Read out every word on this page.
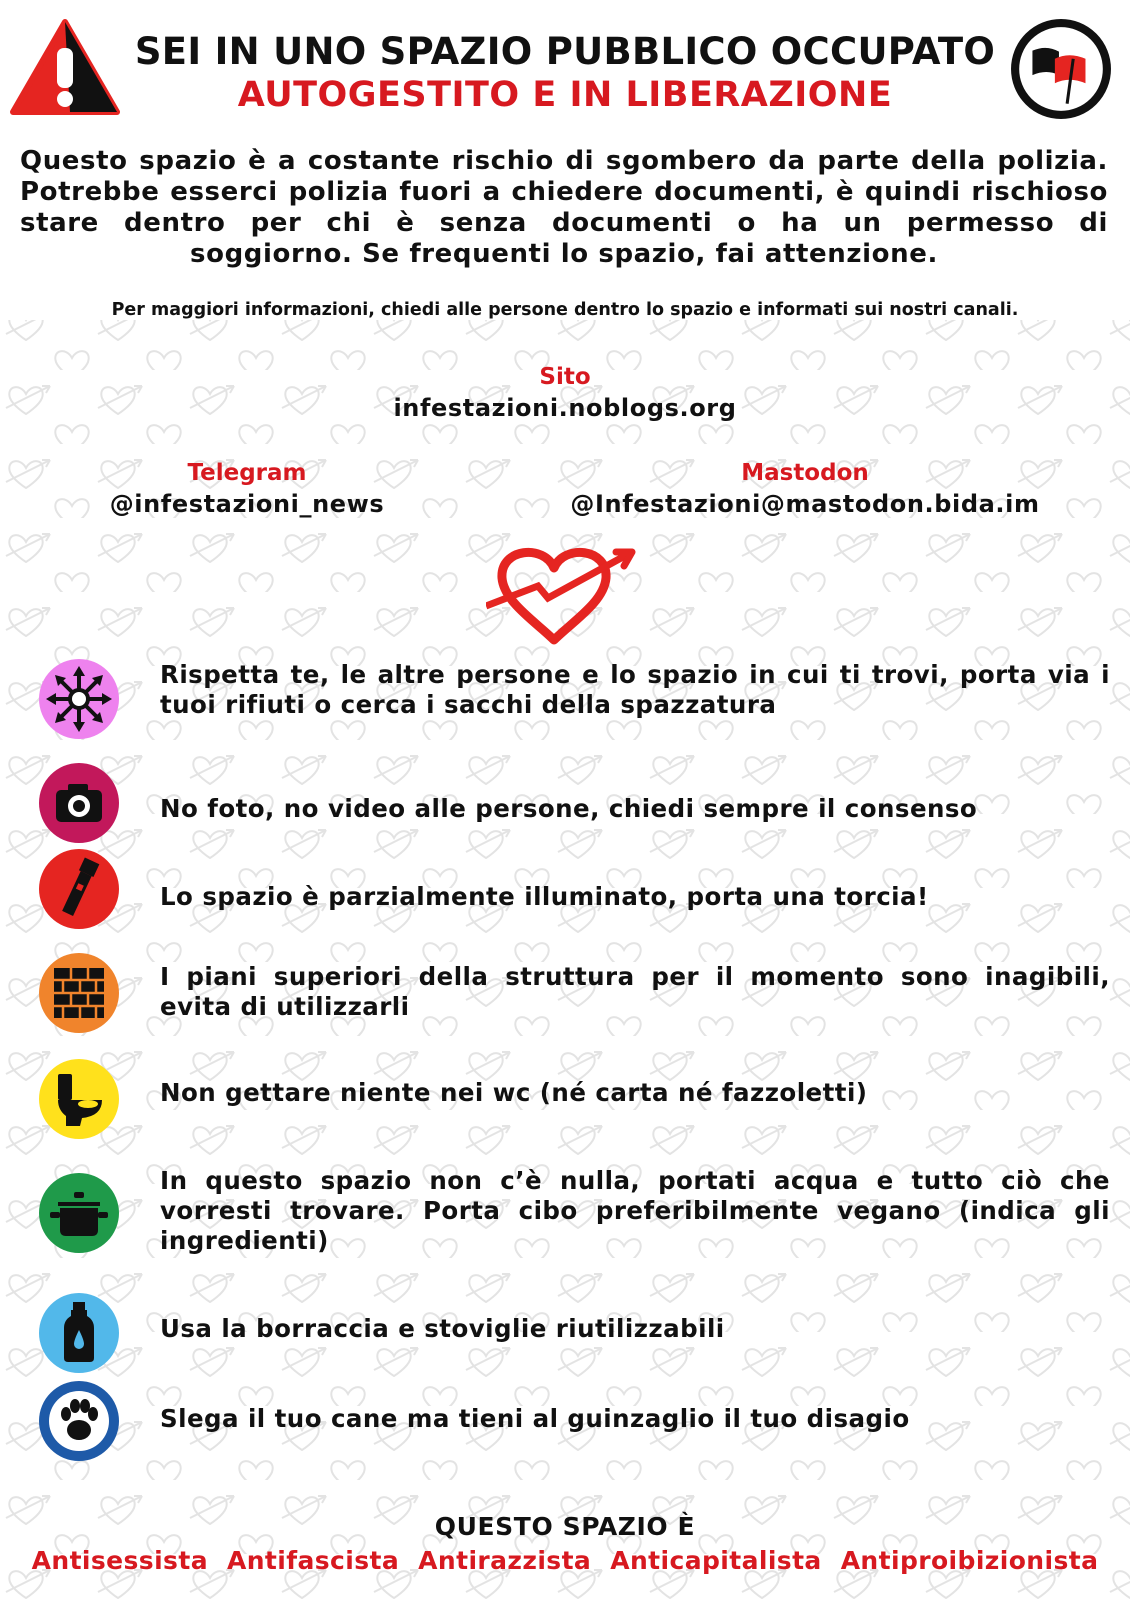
SEI IN UNO SPAZIO PUBBLICO OCCUPATO
AUTOGESTITO E IN LIBERAZIONE
Questo spazio è a costante rischio di sgombero da parte della polizia. Potrebbe esserci polizia fuori a chiedere documenti, è quindi rischioso stare dentro per chi è senza documenti o ha un permesso di soggiorno. Se frequenti lo spazio, fai attenzione.
Per maggiori informazioni, chiedi alle persone dentro lo spazio e informati sui nostri canali.
Sito
infestazioni.noblogs.org
Telegram
@infestazioni_news
Mastodon
@Infestazioni@mastodon.bida.im
Rispetta te, le altre persone e lo spazio in cui ti trovi, porta via i tuoi rifiuti o cerca i sacchi della spazzatura
No foto, no video alle persone, chiedi sempre il consenso
Lo spazio è parzialmente illuminato, porta una torcia!
I piani superiori della struttura per il momento sono inagibili, evita di utilizzarli
Non gettare niente nei wc (né carta né fazzoletti)
In questo spazio non c’è nulla, portati acqua e tutto ciò che vorresti trovare. Porta cibo preferibilmente vegano (indica gli ingredienti)
Usa la borraccia e stoviglie riutilizzabili
Slega il tuo cane ma tieni al guinzaglio il tuo disagio
QUESTO SPAZIO È
Antisessista Antifascista Antirazzista Anticapitalista Antiproibizionista
